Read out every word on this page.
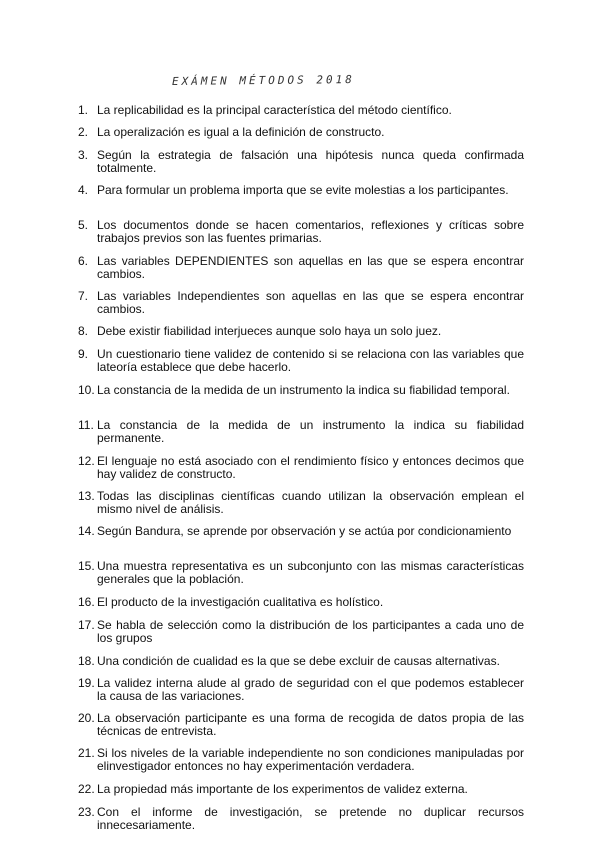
EXÁMEN MÉTODOS 2018
1. La replicabilidad es la principal característica del método científico.
2. La operalización es igual a la definición de constructo.
3. Según la estrategia de falsación una hipótesis nunca queda confirmada totalmente.
4. Para formular un problema importa que se evite molestias a los participantes.
5. Los documentos donde se hacen comentarios, reflexiones y críticas sobre trabajos previos son las fuentes primarias.
6. Las variables DEPENDIENTES son aquellas en las que se espera encontrar cambios.
7. Las variables Independientes son aquellas en las que se espera encontrar cambios.
8. Debe existir fiabilidad interjueces aunque solo haya un solo juez.
9. Un cuestionario tiene validez de contenido si se relaciona con las variables que lateoría establece que debe hacerlo.
10. La constancia de la medida de un instrumento la indica su fiabilidad temporal.
11. La constancia de la medida de un instrumento la indica su fiabilidad permanente.
12. El lenguaje no está asociado con el rendimiento físico y entonces decimos que hay validez de constructo.
13. Todas las disciplinas científicas cuando utilizan la observación emplean el mismo nivel de análisis.
14. Según Bandura, se aprende por observación y se actúa por condicionamiento
15. Una muestra representativa es un subconjunto con las mismas características generales que la población.
16. El producto de la investigación cualitativa es holístico.
17. Se habla de selección como la distribución de los participantes a cada uno de los grupos
18. Una condición de cualidad es la que se debe excluir de causas alternativas.
19. La validez interna alude al grado de seguridad con el que podemos establecer la causa de las variaciones.
20. La observación participante es una forma de recogida de datos propia de las técnicas de entrevista.
21. Si los niveles de la variable independiente no son condiciones manipuladas por elinvestigador entonces no hay experimentación verdadera.
22. La propiedad más importante de los experimentos de validez externa.
23. Con el informe de investigación, se pretende no duplicar recursos innecesariamente.
